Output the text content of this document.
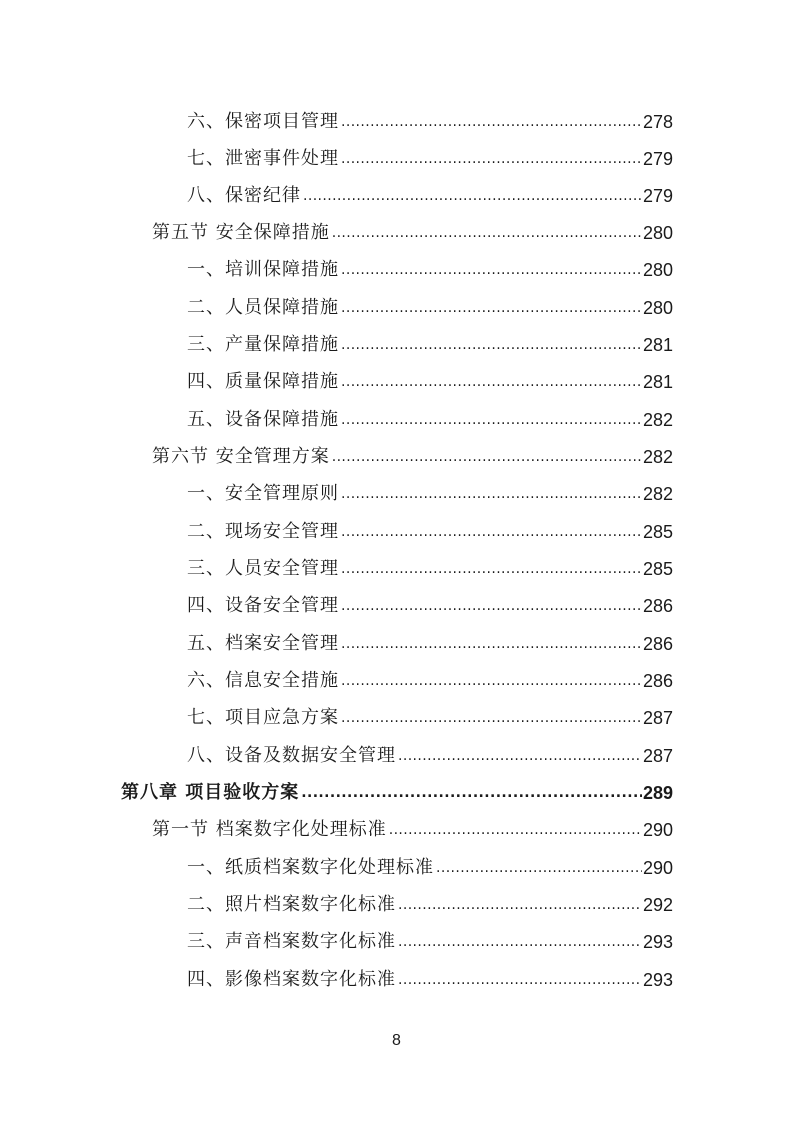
六、保密项目管理 .....	278
七、泄密事件处理 .....	279
八、保密纪律 .....	279
第五节 安全保障措施 .....	280
一、培训保障措施 .....	280
二、人员保障措施 .....	280
三、产量保障措施 .....	281
四、质量保障措施 .....	281
五、设备保障措施 .....	282
第六节 安全管理方案 .....	282
一、安全管理原则 .....	282
二、现场安全管理 .....	285
三、人员安全管理 .....	285
四、设备安全管理 .....	286
五、档案安全管理 .....	286
六、信息安全措施 .....	286
七、项目应急方案 .....	287
八、设备及数据安全管理 .....	287
第八章 项目验收方案 .....	289
第一节 档案数字化处理标准 .....	290
一、纸质档案数字化处理标准 .....	290
二、照片档案数字化标准 .....	292
三、声音档案数字化标准 .....	293
四、影像档案数字化标准 .....	293
8
